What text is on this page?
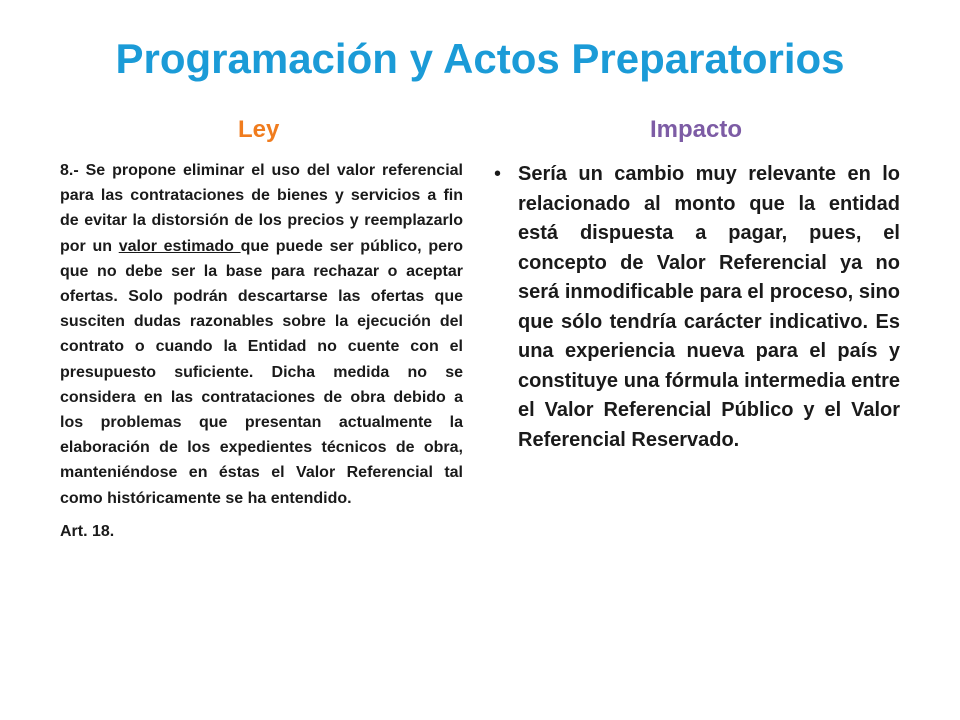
Programación y Actos Preparatorios
Ley	Impacto

8.- Se propone eliminar el uso del valor referencial para las contrataciones de bienes y servicios a fin de evitar la distorsión de los precios y reemplazarlo por un valor estimado que puede ser público, pero que no debe ser la base para rechazar o aceptar ofertas. Solo podrán descartarse las ofertas que susciten dudas razonables sobre la ejecución del contrato o cuando la Entidad no cuente con el presupuesto suficiente. Dicha medida no se considera en las contrataciones de obra debido a los problemas que presentan actualmente la elaboración de los expedientes técnicos de obra, manteniéndose en éstas el Valor Referencial tal como históricamente se ha entendido.

Art. 18.

• Sería un cambio muy relevante en lo relacionado al monto que la entidad está dispuesta a pagar, pues, el concepto de Valor Referencial ya no será inmodificable para el proceso, sino que sólo tendría carácter indicativo. Es una experiencia nueva para el país y constituye una fórmula intermedia entre el Valor Referencial Público y el Valor Referencial Reservado.
